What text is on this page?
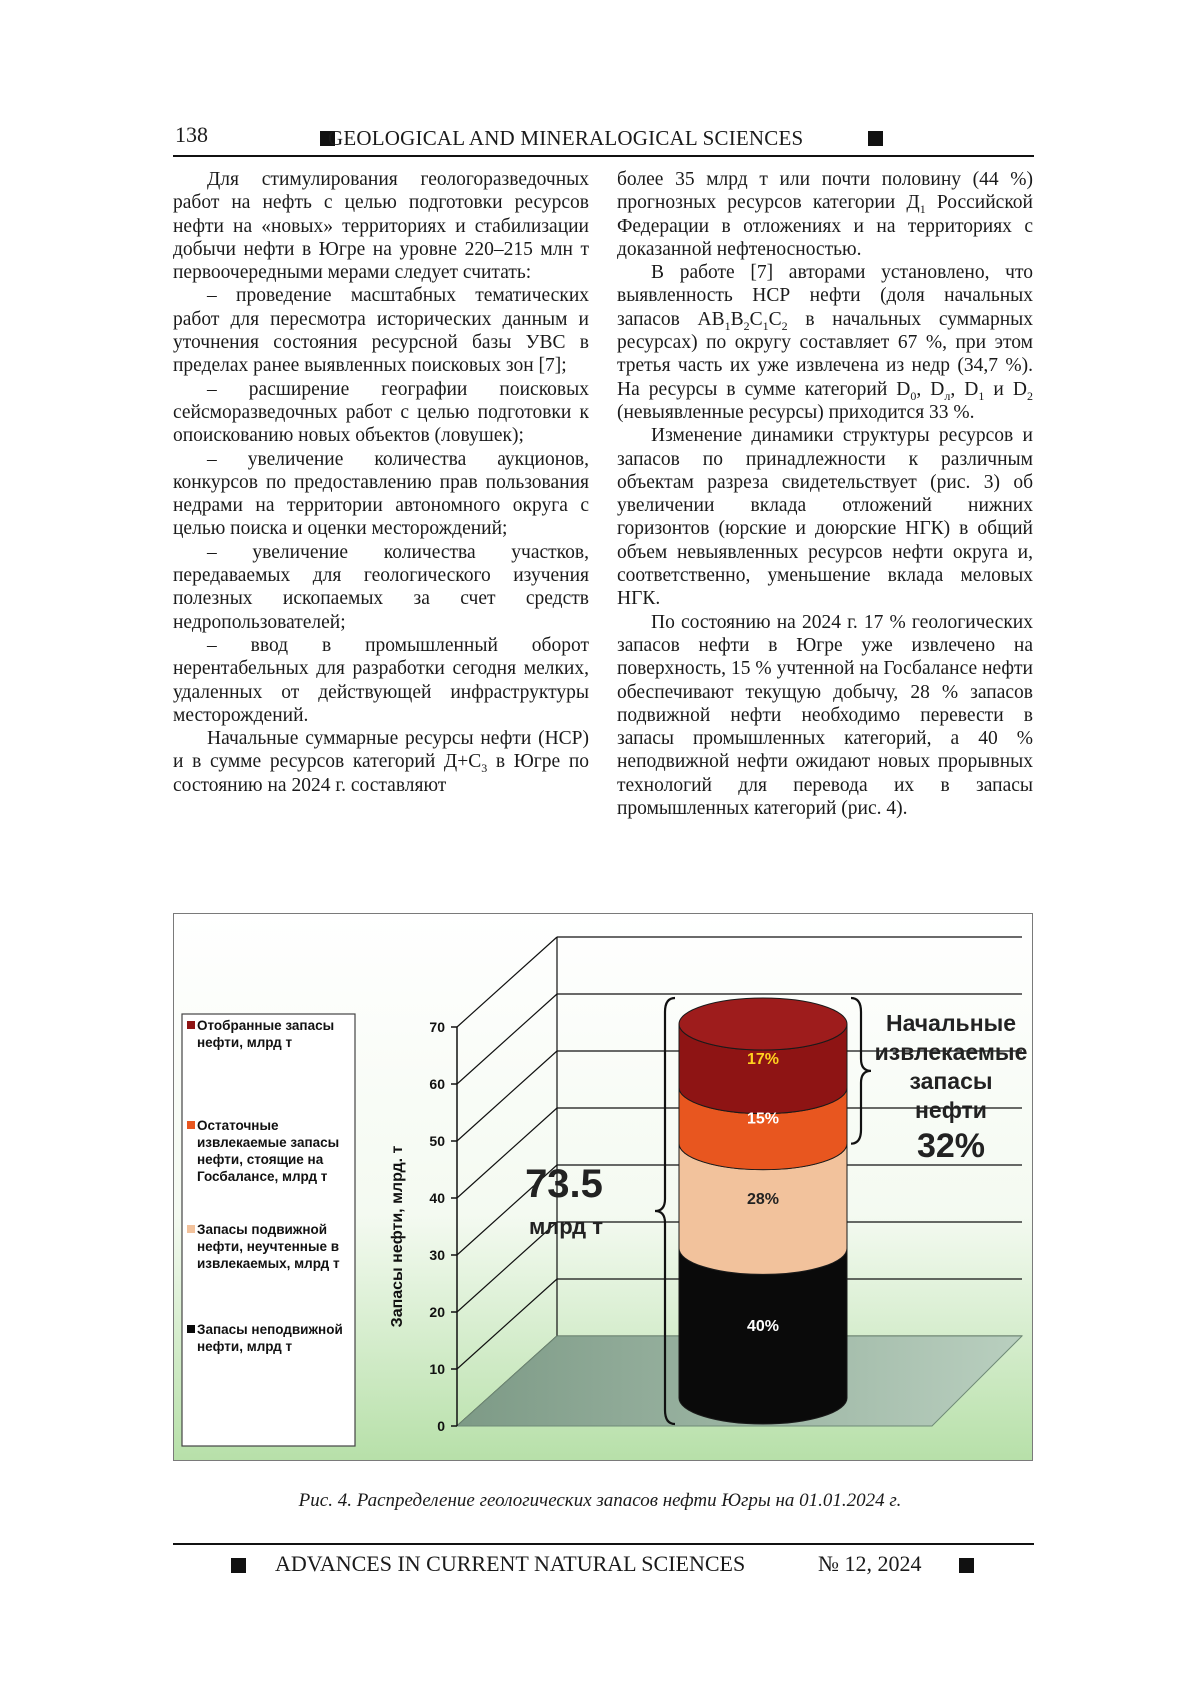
138	GEOLOGICAL AND MINERALOGICAL SCIENCES

Для стимулирования геологоразведочных работ на нефть с целью подготовки ресурсов нефти на «новых» территориях и стабилизации добычи нефти в Югре на уровне 220–215 млн т первоочередными мерами следует считать:

– проведение масштабных тематических работ для пересмотра исторических данным и уточнения состояния ресурсной базы УВС в пределах ранее выявленных поисковых зон [7];

– расширение географии поисковых сейсморазведочных работ с целью подготовки к опоискованию новых объектов (ловушек);

– увеличение количества аукционов, конкурсов по предоставлению прав пользования недрами на территории автономного округа с целью поиска и оценки месторождений;

– увеличение количества участков, передаваемых для геологического изучения полезных ископаемых за счет средств недропользователей;

– ввод в промышленный оборот нерентабельных для разработки сегодня мелких, удаленных от действующей инфраструктуры месторождений.

Начальные суммарные ресурсы нефти (НСР) и в сумме ресурсов категорий $Д+С_3$ в Югре по состоянию на 2024 г. составляют

более 35 млрд т или почти половину (44 %) прогнозных ресурсов категории $Д_1$ Российской Федерации в отложениях и на территориях с доказанной нефтеносностью.

В работе [7] авторами установлено, что выявленность НСР нефти (доля начальных запасов $АВ_1В_2С_1С_2$ в начальных суммарных ресурсах) по округу составляет 67 %, при этом третья часть их уже извлечена из недр (34,7 %). На ресурсы в сумме категорий $D_0$, $D_л$, $D_1$ и $D_2$ (невыявленные ресурсы) приходится 33 %.

Изменение динамики структуры ресурсов и запасов по принадлежности к различным объектам разреза свидетельствует (рис. 3) об увеличении вклада отложений нижних горизонтов (юрские и доюрские НГК) в общий объем невыявленных ресурсов нефти округа и, соответственно, уменьшение вклада меловых НГК.

По состоянию на 2024 г. 17 % геологических запасов нефти в Югре уже извлечено на поверхность, 15 % учтенной на Госбалансе нефти обеспечивают текущую добычу, 28 % запасов подвижной нефти необходимо перевести в запасы промышленных категорий, а 40 % неподвижной нефти ожидают новых прорывных технологий для перевода их в запасы промышленных категорий (рис. 4).

0
10
20
30
40
50
60
70
Запасы нефти, млрд. т	40%
28%
15%
17%
Отобранные запасы
нефти, млрд т
Остаточные
извлекаемые запасы
нефти, стоящие на
Госбалансе, млрд т
Запасы подвижной
нефти, неучтенные в
извлекаемых, млрд т
Запасы неподвижной
нефти, млрд т
73.5
млрд т
Начальные
извлекаемые
запасы
нефти
32%
Рис. 4. Распределение геологических запасов нефти Югры на 01.01.2024 г.
ADVANCES IN CURRENT NATURAL SCIENCES	№ 12, 2024
